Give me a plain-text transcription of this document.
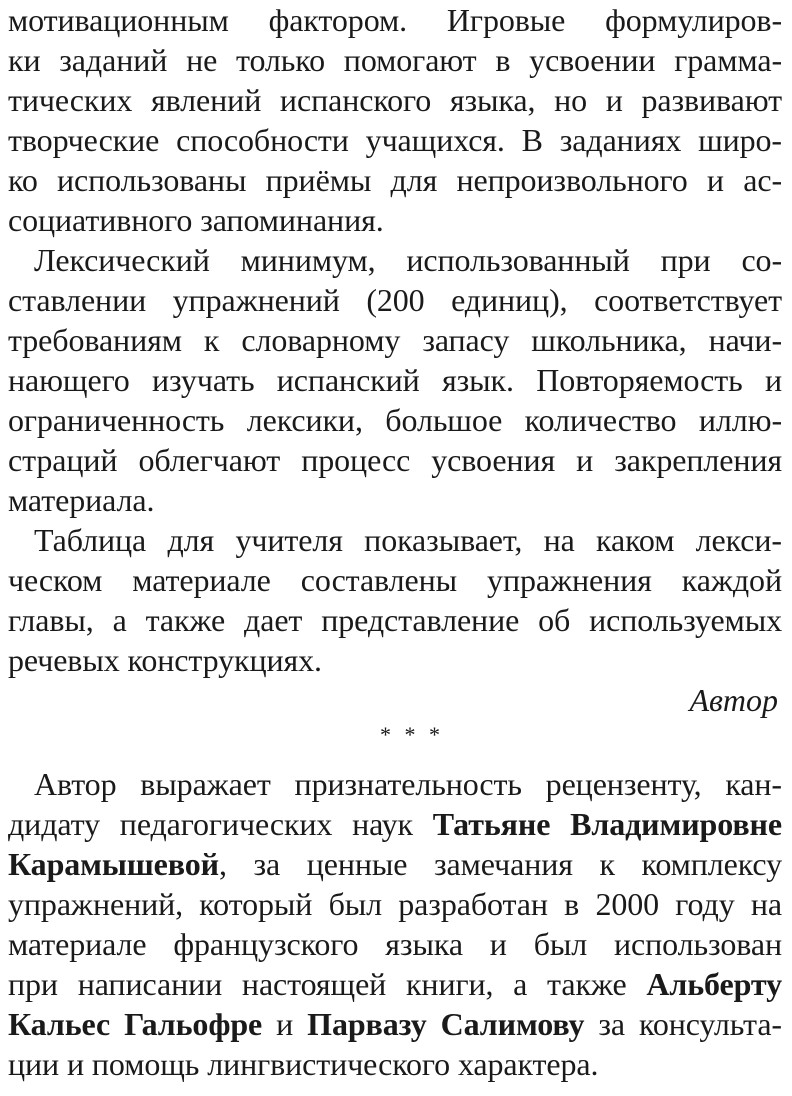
мотивационным фактором. Игровые формулиров-
ки заданий не только помогают в усвоении грамма-
тических явлений испанского языка, но и развивают
творческие способности учащихся. В заданиях широ-
ко использованы приёмы для непроизвольного и ас-
социативного запоминания.
Лексический минимум, использованный при со-
ставлении упражнений (200 единиц), соответствует
требованиям к словарному запасу школьника, начи-
нающего изучать испанский язык. Повторяемость и
ограниченность лексики, большое количество иллю-
страций облегчают процесс усвоения и закрепления
материала.
Таблица для учителя показывает, на каком лекси-
ческом материале составлены упражнения каждой
главы, а также дает представление об используемых
речевых конструкциях.
Автор
* * *
Автор выражает признательность рецензенту, кан-
дидату педагогических наук Татьяне Владимировне
Карамышевой, за ценные замечания к комплексу
упражнений, который был разработан в 2000 году на
материале французского языка и был использован
при написании настоящей книги, а также Альберту
Кальес Гальофре и Парвазу Салимову за консульта-
ции и помощь лингвистического характера.
